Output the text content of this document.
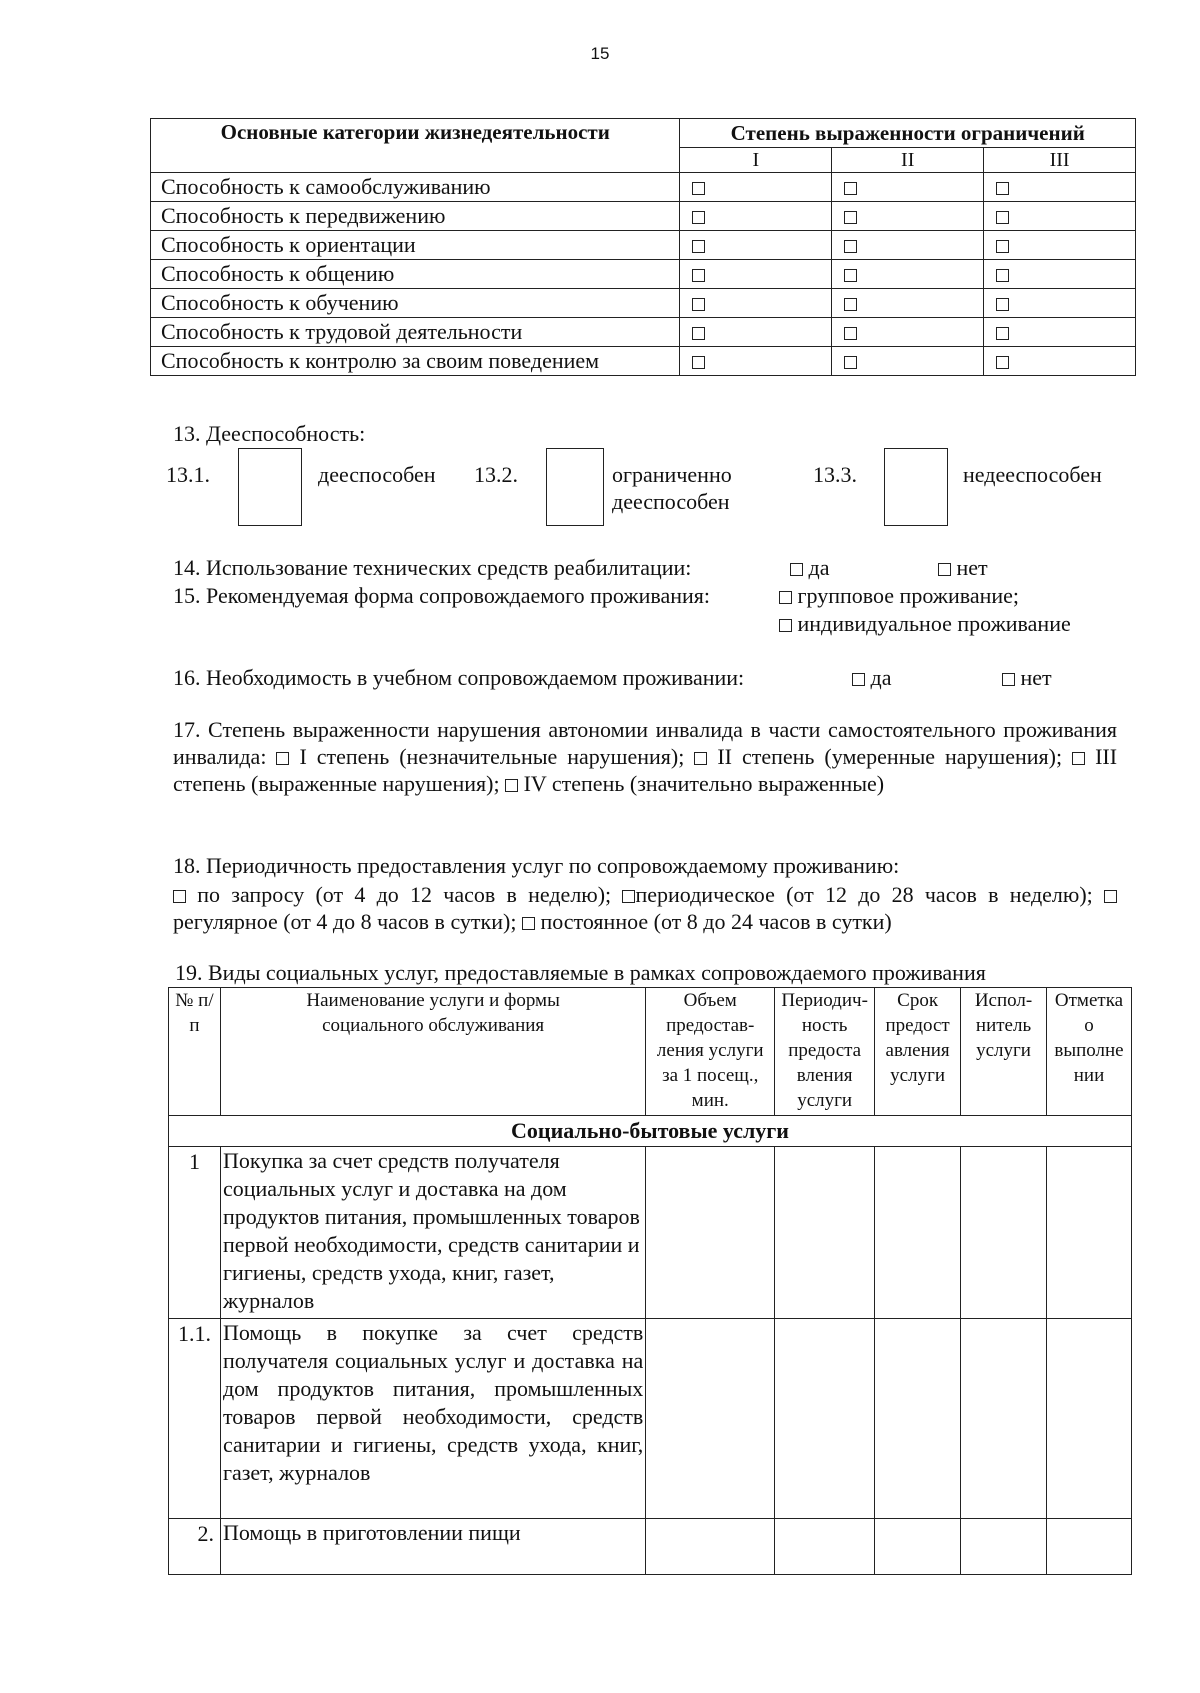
15
Основные категории жизнедеятельности	Степень выраженности ограничений		
	I	II	III
Способность к самообслуживанию			
Способность к передвижению			
Способность к ориентации			
Способность к общению			
Способность к обучению			
Способность к трудовой деятельности			
Способность к контролю за своим поведением			
13. Дееспособность:
13.1.	дееспособен 13.2.	ограниченно
дееспособен
13.3.	недееспособен
14. Использование технических средств реабилитации:	да	нет
15. Рекомендуемая форма сопровождаемого проживания:	групповое проживание;
индивидуальное проживание
16. Необходимость в учебном сопровождаемом проживании:	да	нет
17. Степень выраженности нарушения автономии инвалида в части самостоятельного проживания инвалида: I степень (незначительные нарушения); II степень (умеренные нарушения); III степень (выраженные нарушения); IV степень (значительно выраженные)
18. Периодичность предоставления услуг по сопровождаемому проживанию:
по запросу (от 4 до 12 часов в неделю); периодическое (от 12 до 28 часов в неделю);  регулярное (от 4 до 8 часов в сутки); постоянное (от 8 до 24 часов в сутки)
19. Виды социальных услуг, предоставляемые в рамках сопровождаемого проживания
№ п/п	Наименование услуги и формы социального обслуживания	Объем предостав-ления услуги за 1 посещ., мин.	Периодич-ность предоста вления услуги	Срок предост авления услуги	Испол-нитель услуги	Отметка о выполне нии
Социально-бытовые услуги						
1	Покупка за счет средств получателя социальных услуг и доставка на дом продуктов питания, промышленных товаров первой необходимости, средств санитарии и гигиены, средств ухода, книг, газет, журналов					
1.1.	Помощь в покупке за счет средств получателя социальных услуг и доставка на дом продуктов питания, промышленных товаров первой необходимости, средств санитарии и гигиены, средств ухода, книг, газет, журналов					
2.	Помощь в приготовлении пищи					
